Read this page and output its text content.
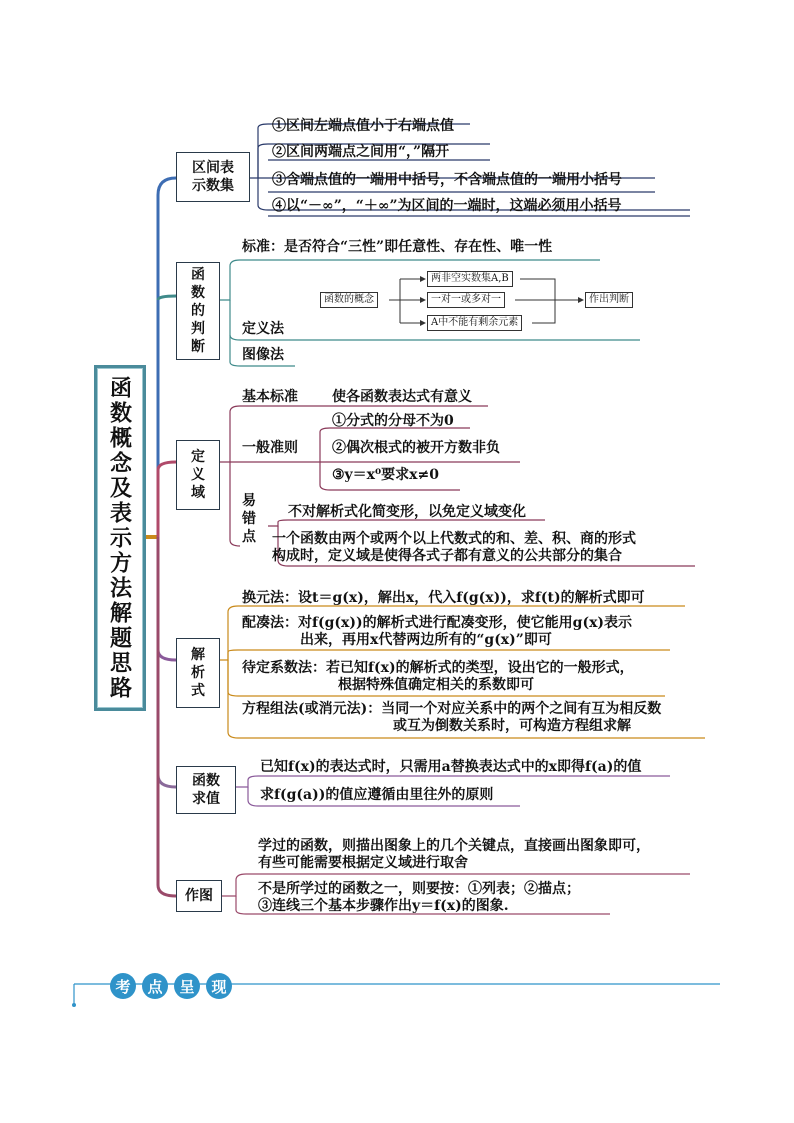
函数概念及表示方法解题思路
区间表示数集
①区间左端点值小于右端点值
②区间两端点之间用“，”隔开
③含端点值的一端用中括号，不含端点值的一端用小括号
④以“－∞”，“＋∞”为区间的一端时，这端必须用小括号
函数的判断
标准：是否符合“三性”即任意性、存在性、唯一性
定义法
图像法
函数的概念
两非空实数集A,B
一对一或多对一
A中不能有剩余元素
作出判断
定义域
基本标准 使各函数表达式有意义
一般准则
①分式的分母不为0
②偶次根式的被开方数非负
③y＝x⁰要求x≠0
易错点
不对解析式化简变形，以免定义域变化
一个函数由两个或两个以上代数式的和、差、积、商的形式
构成时，定义域是使得各式子都有意义的公共部分的集合
解析式
换元法：设t＝g(x)，解出x，代入f(g(x))，求f(t)的解析式即可
配凑法：对f(g(x))的解析式进行配凑变形，使它能用g(x)表示
出来，再用x代替两边所有的“g(x)”即可
待定系数法：若已知f(x)的解析式的类型，设出它的一般形式，
根据特殊值确定相关的系数即可
方程组法(或消元法)：当同一个对应关系中的两个之间有互为相反数
或互为倒数关系时，可构造方程组求解
函数求值
已知f(x)的表达式时，只需用a替换表达式中的x即得f(a)的值
求f(g(a))的值应遵循由里往外的原则
作图
学过的函数，则描出图象上的几个关键点，直接画出图象即可，
有些可能需要根据定义域进行取舍
不是所学过的函数之一，则要按：①列表；②描点；
③连线三个基本步骤作出y＝f(x)的图象.
考	点	呈	现
